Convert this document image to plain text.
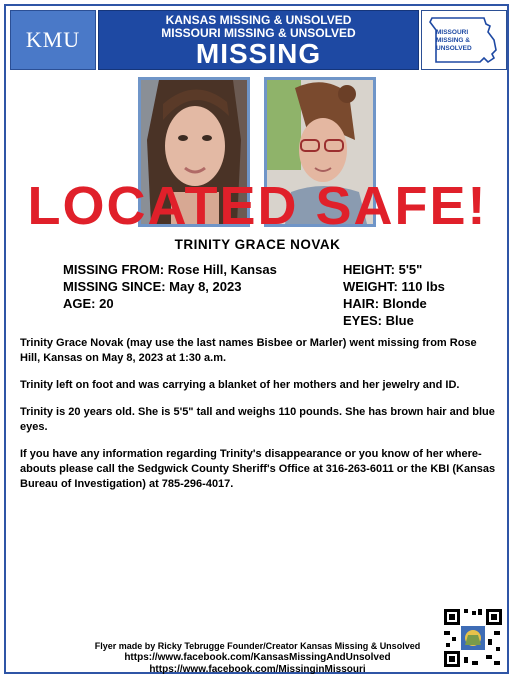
KMU
KANSAS MISSING & UNSOLVED
MISSOURI MISSING & UNSOLVED
MISSING
MISSOURI
MISSING &
UNSOLVED
LOCATED SAFE!
TRINITY GRACE NOVAK
MISSING FROM: Rose Hill, Kansas
MISSING SINCE: May 8, 2023
AGE: 20
HEIGHT: 5'5"
WEIGHT: 110 lbs
HAIR: Blonde
EYES: Blue

Trinity Grace Novak (may use the last names Bisbee or Marler) went missing from Rose Hill, Kansas on May 8, 2023 at 1:30 a.m.

Trinity left on foot and was carrying a blanket of her mothers and her jewelry and ID.

Trinity is 20 years old. She is 5'5" tall and weighs 110 pounds. She has brown hair and blue eyes.

If you have any information regarding Trinity's disappearance or you know of her where-abouts please call the Sedgwick County Sheriff's Office at 316-263-6011 or the KBI (Kansas Bureau of Investigation) at 785-296-4017.

Flyer made by Ricky Tebrugge Founder/Creator Kansas Missing & Unsolved
https://www.facebook.com/KansasMissingAndUnsolved
https://www.facebook.com/MissinginMissouri
